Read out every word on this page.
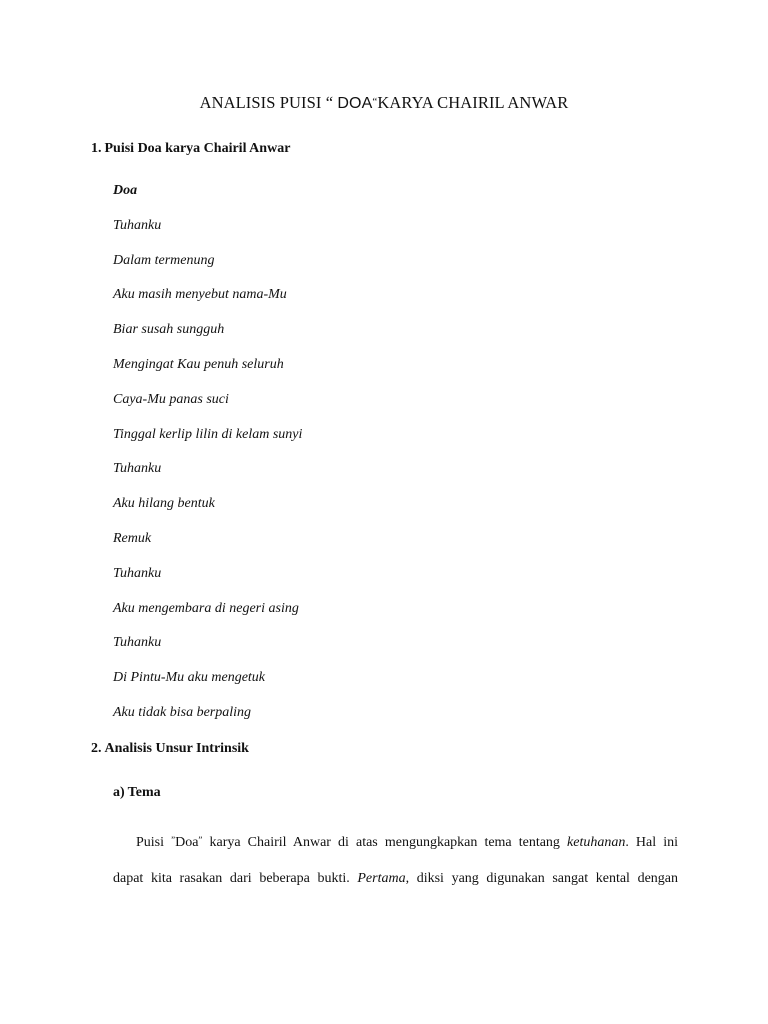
ANALISIS PUISI “ DOA“KARYA CHAIRIL ANWAR
1. Puisi Doa karya Chairil Anwar
Doa
Tuhanku
Dalam termenung
Aku masih menyebut nama-Mu
Biar susah sungguh
Mengingat Kau penuh seluruh
Caya-Mu panas suci
Tinggal kerlip lilin di kelam sunyi
Tuhanku
Aku hilang bentuk
Remuk
Tuhanku
Aku mengembara di negeri asing
Tuhanku
Di Pintu-Mu aku mengetuk
Aku tidak bisa berpaling
2. Analisis Unsur Intrinsik
a) Tema
Puisi ”Doa” karya Chairil Anwar di atas mengungkapkan tema tentang ketuhanan. Hal ini
dapat kita rasakan dari beberapa bukti. Pertama, diksi yang digunakan sangat kental dengan
